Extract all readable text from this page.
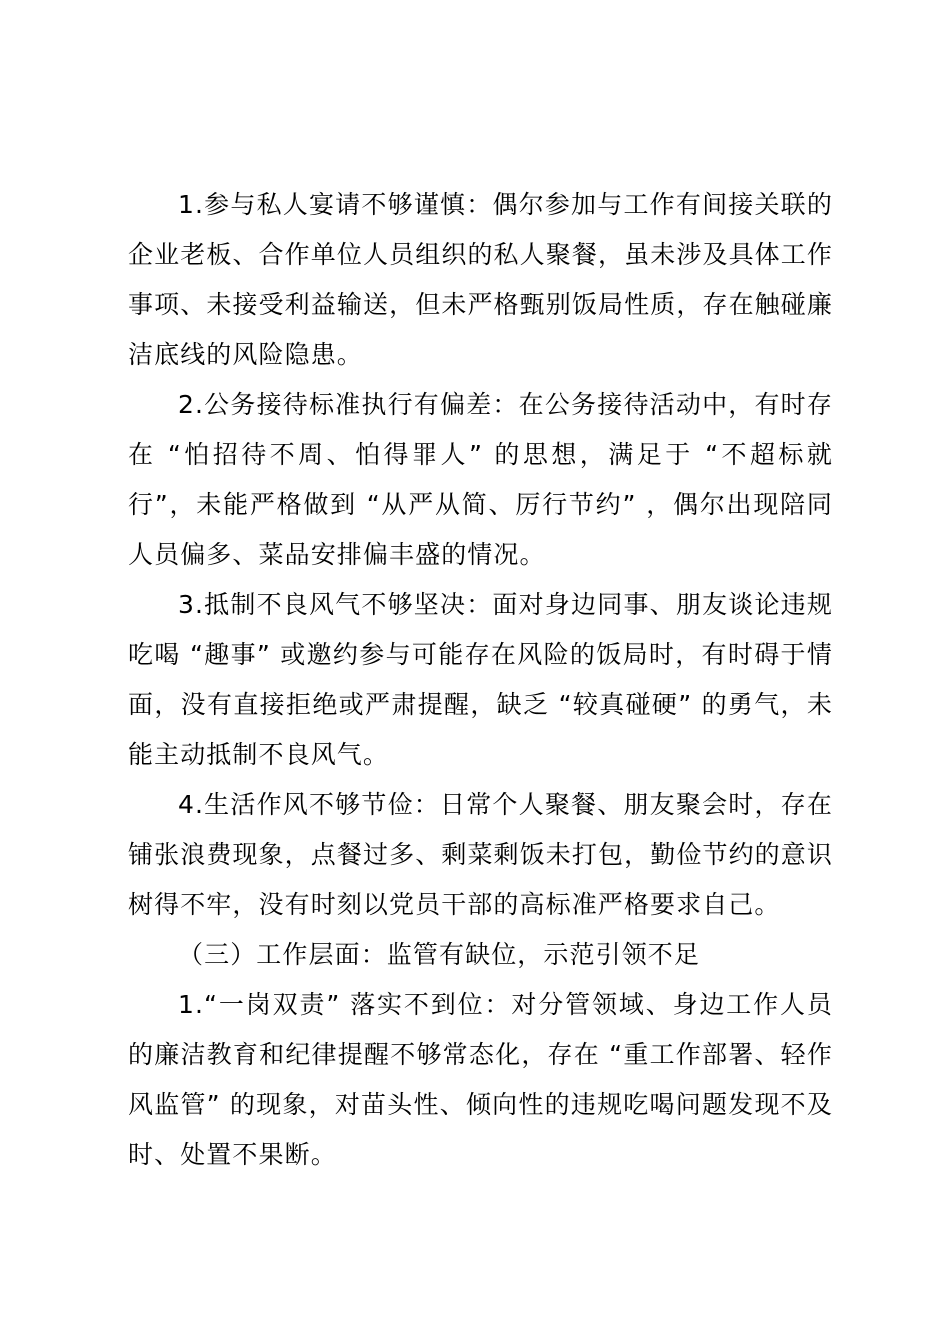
1.参与私人宴请不够谨慎：偶尔参加与工作有间接关联的企业老板、合作单位人员组织的私人聚餐，虽未涉及具体工作事项、未接受利益输送，但未严格甄别饭局性质，存在触碰廉洁底线的风险隐患。

2.公务接待标准执行有偏差：在公务接待活动中，有时存在 “怕招待不周、怕得罪人” 的思想，满足于 “不超标就行”，未能严格做到 “从严从简、厉行节约” ，偶尔出现陪同人员偏多、菜品安排偏丰盛的情况。

3.抵制不良风气不够坚决：面对身边同事、朋友谈论违规吃喝 “趣事” 或邀约参与可能存在风险的饭局时，有时碍于情面，没有直接拒绝或严肃提醒，缺乏 “较真碰硬” 的勇气，未能主动抵制不良风气。

4.生活作风不够节俭：日常个人聚餐、朋友聚会时，存在铺张浪费现象，点餐过多、剩菜剩饭未打包，勤俭节约的意识树得不牢，没有时刻以党员干部的高标准严格要求自己。

（三）工作层面：监管有缺位，示范引领不足

1.“一岗双责” 落实不到位：对分管领域、身边工作人员的廉洁教育和纪律提醒不够常态化，存在 “重工作部署、轻作风监管” 的现象，对苗头性、倾向性的违规吃喝问题发现不及时、处置不果断。
